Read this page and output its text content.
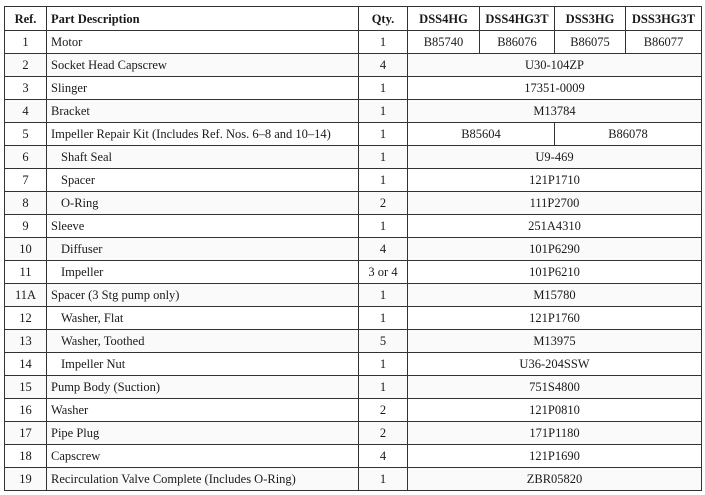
Ref.	Part Description	Qty.	DSS4HG	DSS4HG3T	DSS3HG	DSS3HG3T
1	Motor	1	B85740	B86076	B86075	B86077
2	Socket Head Capscrew	4	U30-104ZP			
3	Slinger	1	17351-0009			
4	Bracket	1	M13784			
5	Impeller Repair Kit (Includes Ref. Nos. 6–8 and 10–14)	1	B85604		B86078	
6	Shaft Seal	1	U9-469			
7	Spacer	1	121P1710			
8	O-Ring	2	111P2700			
9	Sleeve	1	251A4310			
10	Diffuser	4	101P6290			
11	Impeller	3 or 4	101P6210			
11A	Spacer (3 Stg pump only)	1	M15780			
12	Washer, Flat	1	121P1760			
13	Washer, Toothed	5	M13975			
14	Impeller Nut	1	U36-204SSW			
15	Pump Body (Suction)	1	751S4800			
16	Washer	2	121P0810			
17	Pipe Plug	2	171P1180			
18	Capscrew	4	121P1690			
19	Recirculation Valve Complete (Includes O-Ring)	1	ZBR05820			
